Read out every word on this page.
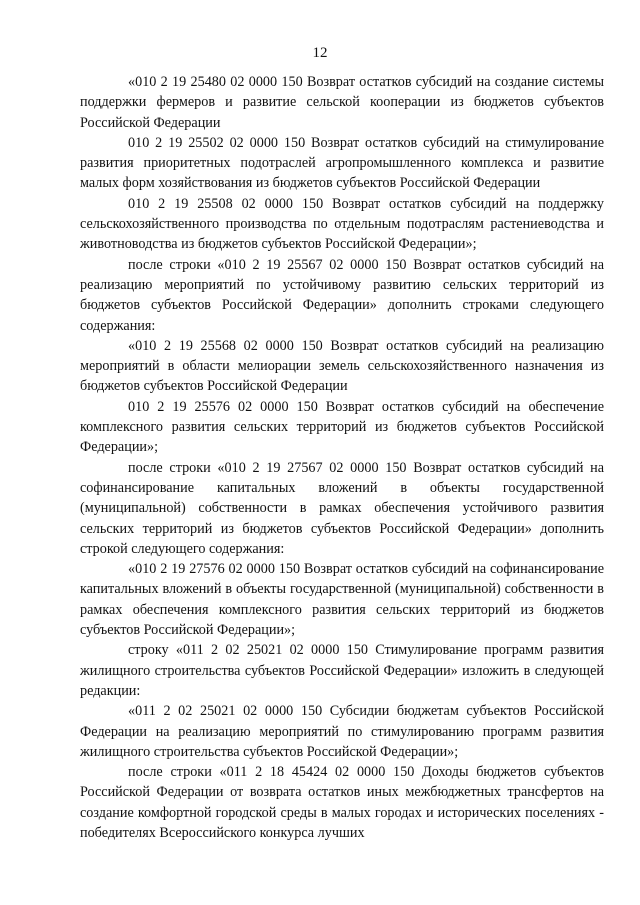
12

«010 2 19 25480 02 0000 150 Возврат остатков субсидий на создание системы поддержки фермеров и развитие сельской кооперации из бюджетов субъектов Российской Федерации

010 2 19 25502 02 0000 150 Возврат остатков субсидий на стимулирование развития приоритетных подотраслей агропромышленного комплекса и развитие малых форм хозяйствования из бюджетов субъектов Российской Федерации

010 2 19 25508 02 0000 150 Возврат остатков субсидий на поддержку сельскохозяйственного производства по отдельным подотраслям растениеводства и животноводства из бюджетов субъектов Российской Федерации»;

после строки «010 2 19 25567 02 0000 150 Возврат остатков субсидий на реализацию мероприятий по устойчивому развитию сельских территорий из бюджетов субъектов Российской Федерации» дополнить строками следующего содержания:

«010 2 19 25568 02 0000 150 Возврат остатков субсидий на реализацию мероприятий в области мелиорации земель сельскохозяйственного назначения из бюджетов субъектов Российской Федерации

010 2 19 25576 02 0000 150 Возврат остатков субсидий на обеспечение комплексного развития сельских территорий из бюджетов субъектов Российской Федерации»;

после строки «010 2 19 27567 02 0000 150 Возврат остатков субсидий на софинансирование капитальных вложений в объекты государственной (муниципальной) собственности в рамках обеспечения устойчивого развития сельских территорий из бюджетов субъектов Российской Федерации» дополнить строкой следующего содержания:

«010 2 19 27576 02 0000 150 Возврат остатков субсидий на софинансирование капитальных вложений в объекты государственной (муниципальной) собственности в рамках обеспечения комплексного развития сельских территорий из бюджетов субъектов Российской Федерации»;

строку «011 2 02 25021 02 0000 150 Стимулирование программ развития жилищного строительства субъектов Российской Федерации» изложить в следующей редакции:

«011 2 02 25021 02 0000 150 Субсидии бюджетам субъектов Российской Федерации на реализацию мероприятий по стимулированию программ развития жилищного строительства субъектов Российской Федерации»;

после строки «011 2 18 45424 02 0000 150 Доходы бюджетов субъектов Российской Федерации от возврата остатков иных межбюджетных трансфертов на создание комфортной городской среды в малых городах и исторических поселениях - победителях Всероссийского конкурса лучших
